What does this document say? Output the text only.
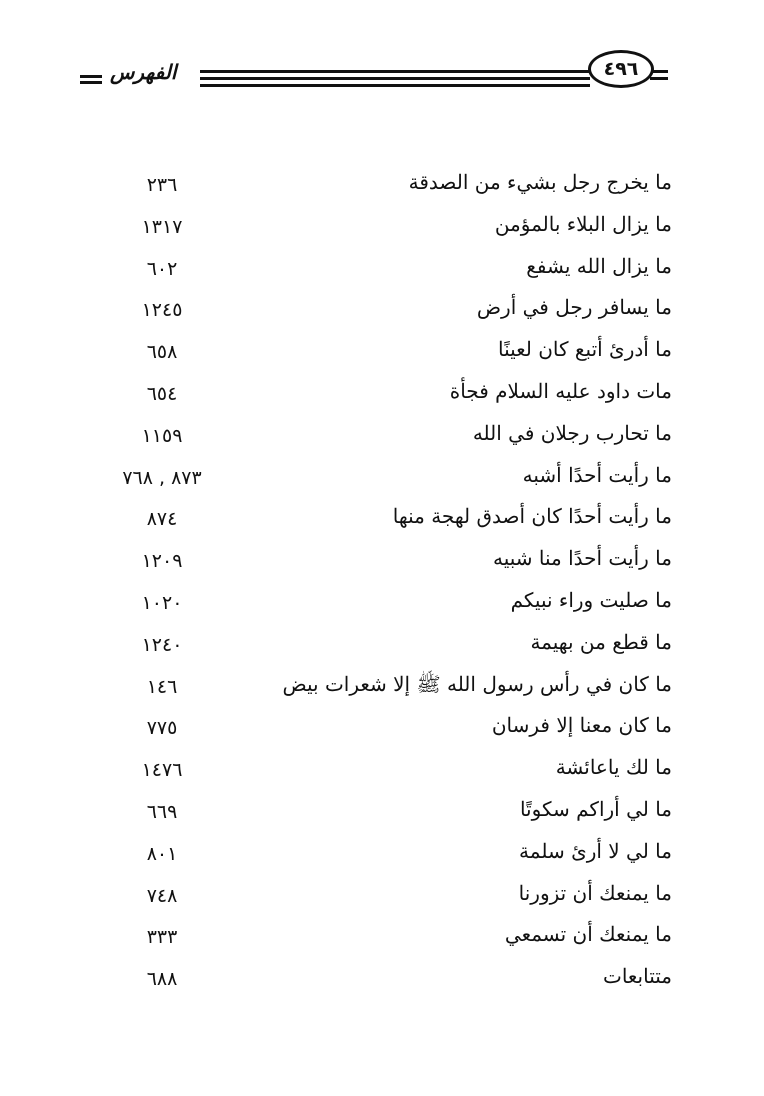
الفهرس	٤٩٦
ما يخرج رجل بشيء من الصدقة
٢٣٦
ما يزال البلاء بالمؤمن
١٣١٧
ما يزال الله يشفع
٦٠٢
ما يسافر رجل في أرض
١٢٤٥
ما أدرئ أتبع كان لعينًا
٦٥٨
مات داود عليه السلام فجأة
٦٥٤
ما تحارب رجلان في الله
١١٥٩
ما رأيت أحدًا أشبه
٨٧٣ , ٧٦٨
ما رأيت أحدًا كان أصدق لهجة منها
٨٧٤
ما رأيت أحدًا منا شبيه
١٢٠٩
ما صليت وراء نبيكم
١٠٢٠
ما قطع من بهيمة
١٢٤٠
ما كان في رأس رسول الله ﷺ إلا شعرات بيض
١٤٦
ما كان معنا إلا فرسان
٧٧٥
ما لك ياعائشة
١٤٧٦
ما لي أراكم سكوتًا
٦٦٩
ما لي لا أرئ سلمة
٨٠١
ما يمنعك أن تزورنا
٧٤٨
ما يمنعك أن تسمعي
٣٣٣
متتابعات
٦٨٨
